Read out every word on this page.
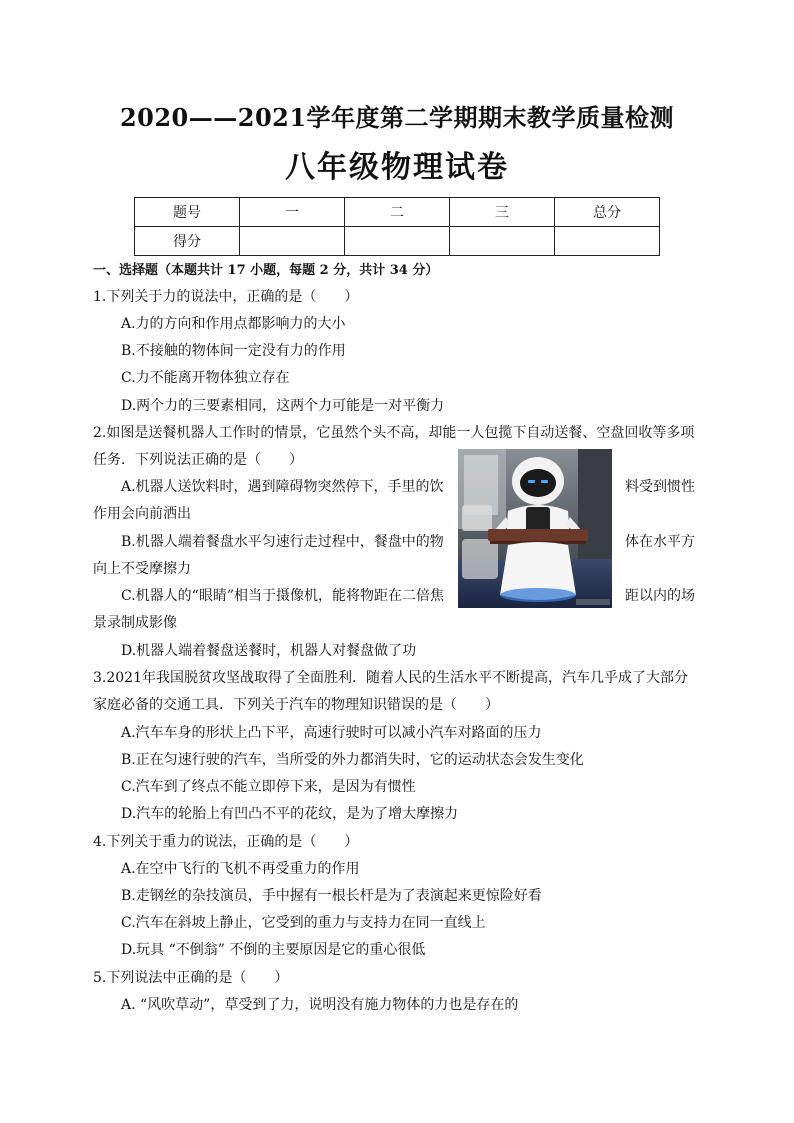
2020——2021学年度第二学期期末教学质量检测
八年级物理试卷
题号	一	二	三	总分
得分				
一、选择题（本题共计 17 小题，每题 2 分，共计 34 分）
1.下列关于力的说法中，正确的是（　　）
A.力的方向和作用点都影响力的大小
B.不接触的物体间一定没有力的作用
C.力不能离开物体独立存在
D.两个力的三要素相同，这两个力可能是一对平衡力
2.如图是送餐机器人工作时的情景，它虽然个头不高，却能一人包揽下自动送餐、空盘回收等多项
任务．下列说法正确的是（　　）
A.机器人送饮料时，遇到障碍物突然停下，手里的饮	料受到惯性
作用会向前洒出
B.机器人端着餐盘水平匀速行走过程中，餐盘中的物	体在水平方
向上不受摩擦力
C.机器人的“眼睛”相当于摄像机，能将物距在二倍焦	距以内的场
景录制成影像
D.机器人端着餐盘送餐时，机器人对餐盘做了功
3.2021年我国脱贫攻坚战取得了全面胜利．随着人民的生活水平不断提高，汽车几乎成了大部分
家庭必备的交通工具．下列关于汽车的物理知识错误的是（　　）
A.汽车车身的形状上凸下平，高速行驶时可以减小汽车对路面的压力
B.正在匀速行驶的汽车，当所受的外力都消失时，它的运动状态会发生变化
C.汽车到了终点不能立即停下来，是因为有惯性
D.汽车的轮胎上有凹凸不平的花纹，是为了增大摩擦力
4.下列关于重力的说法，正确的是（　　）
A.在空中飞行的飞机不再受重力的作用
B.走钢丝的杂技演员，手中握有一根长杆是为了表演起来更惊险好看
C.汽车在斜坡上静止，它受到的重力与支持力在同一直线上
D.玩具 “不倒翁” 不倒的主要原因是它的重心很低
5.下列说法中正确的是（　　）
A. “风吹草动”，草受到了力，说明没有施力物体的力也是存在的
